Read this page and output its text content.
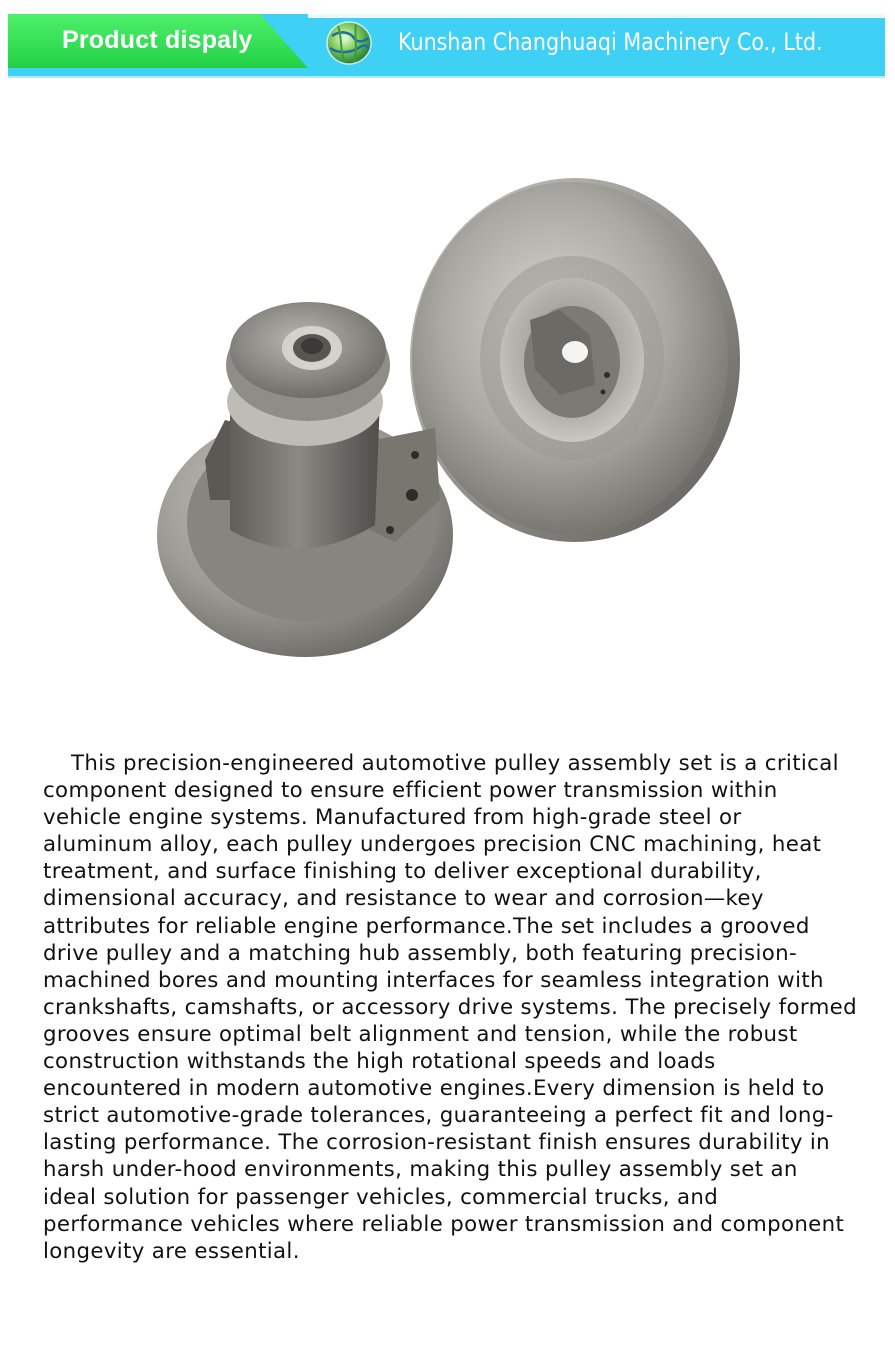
Product dispaly	Kunshan Changhuaqi Machinery Co., Ltd.

This precision-engineered automotive pulley assembly set is a critical component designed to ensure efficient power transmission within vehicle engine systems. Manufactured from high-grade steel or aluminum alloy, each pulley undergoes precision CNC machining, heat treatment, and surface finishing to deliver exceptional durability, dimensional accuracy, and resistance to wear and corrosion—key attributes for reliable engine performance.The set includes a grooved drive pulley and a matching hub assembly, both featuring precision-machined bores and mounting interfaces for seamless integration with crankshafts, camshafts, or accessory drive systems. The precisely formed grooves ensure optimal belt alignment and tension, while the robust construction withstands the high rotational speeds and loads encountered in modern automotive engines.Every dimension is held to strict automotive-grade tolerances, guaranteeing a perfect fit and long-lasting performance. The corrosion-resistant finish ensures durability in harsh under-hood environments, making this pulley assembly set an ideal solution for passenger vehicles, commercial trucks, and performance vehicles where reliable power transmission and component longevity are essential.
